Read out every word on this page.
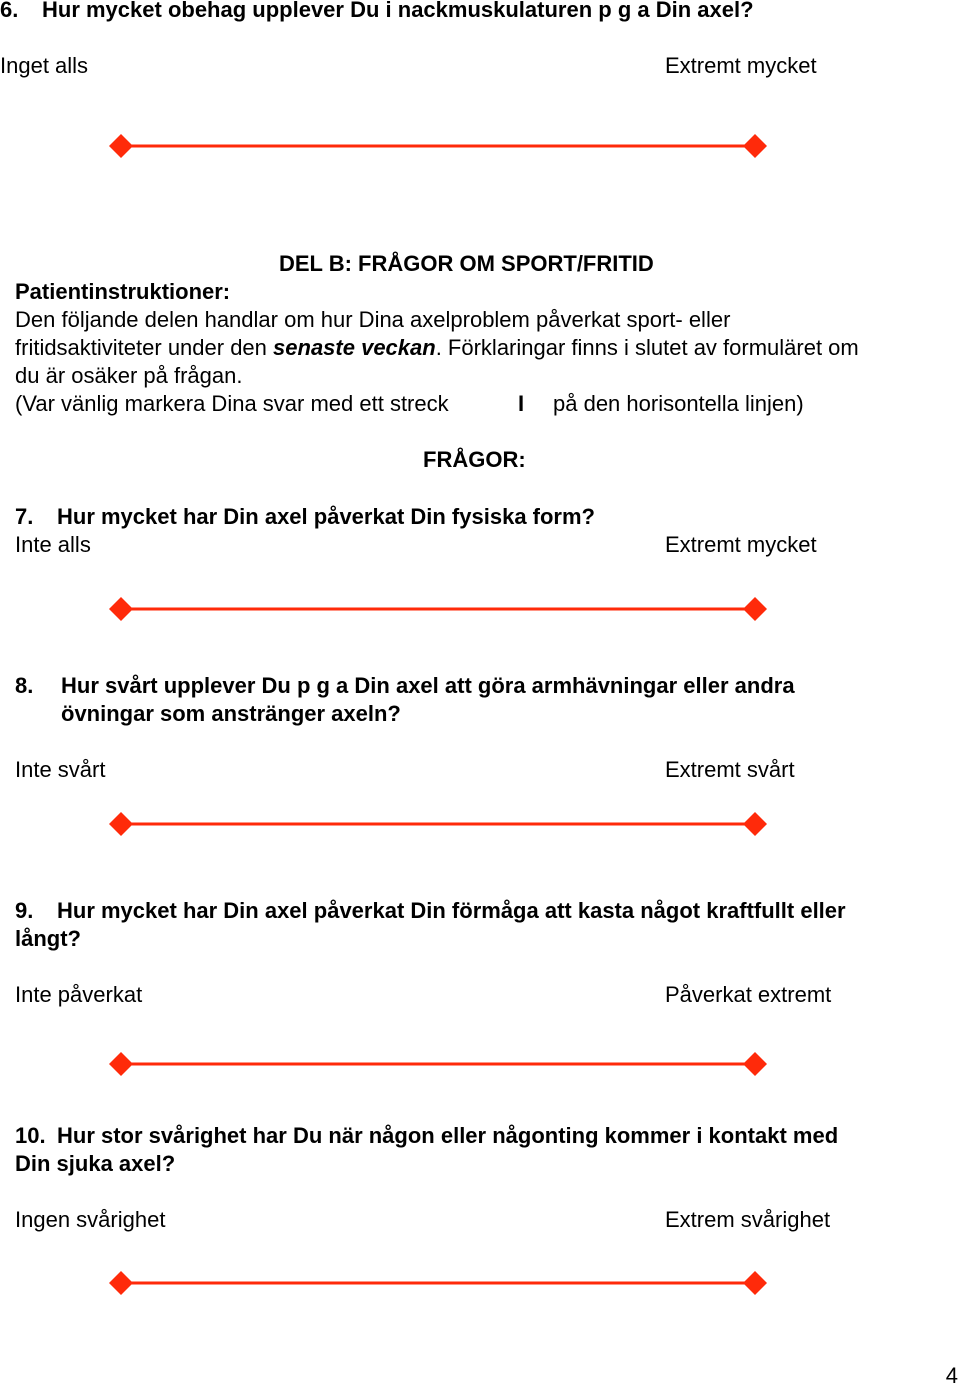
6. Hur mycket obehag upplever Du i nackmuskulaturen p g a Din axel?
Inget alls	Extremt mycket
DEL B: FRÅGOR OM SPORT/FRITID
Patientinstruktioner:
Den följande delen handlar om hur Dina axelproblem påverkat sport- eller
fritidsaktiviteter under den senaste veckan. Förklaringar finns i slutet av formuläret om
du är osäker på frågan.
(Var vänlig markera Dina svar med ett streck	I på den horisontella linjen)
FRÅGOR:
7. Hur mycket har Din axel påverkat Din fysiska form?
Inte alls	Extremt mycket
8. Hur svårt upplever Du p g a Din axel att göra armhävningar eller andra
övningar som anstränger axeln?
Inte svårt	Extremt svårt
9. Hur mycket har Din axel påverkat Din förmåga att kasta något kraftfullt eller
långt?
Inte påverkat	Påverkat extremt
10. Hur stor svårighet har Du när någon eller någonting kommer i kontakt med
Din sjuka axel?
Ingen svårighet	Extrem svårighet
4
